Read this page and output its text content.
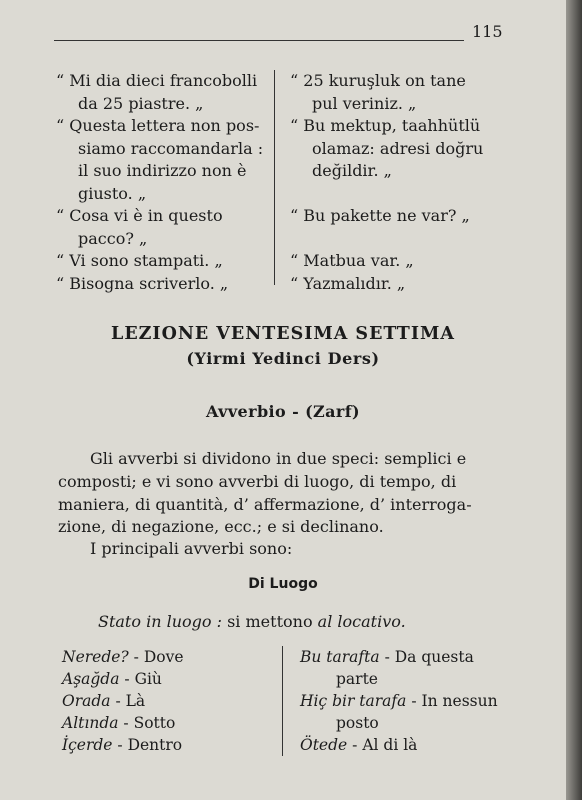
115

“ Mi dia dieci francobolli

da 25 piastre. „

“ Questa lettera non pos-

siamo raccomandarla :

il suo indirizzo non è

giusto. „

“ Cosa vi è in questo

pacco? „

“ Vi sono stampati. „

“ Bisogna scriverlo. „

“ 25 kuruşluk on tane

pul veriniz. „

“ Bu mektup, taahhütlü

olamaz: adresi doğru

değildir. „

“ Bu pakette ne var? „

“ Matbua var. „

“ Yazmalıdır. „

LEZIONE VENTESIMA SETTIMA
(Yirmi Yedinci Ders)
Avverbio - (Zarf)
Gli avverbi si dividono in due speci: semplici e
composti; e vi sono avverbi di luogo, di tempo, di
maniera, di quantità, d’ affermazione, d’ interroga-
zione, di negazione, ecc.; e si declinano.
I principali avverbi sono:
Di Luogo
Stato in luogo : si mettono al locativo.

Nerede? - Dove

Aşağda - Giù

Orada - Là

Altında - Sotto

İçerde - Dentro

Bu tarafta - Da questa

parte

Hiç bir tarafa - In nessun

posto

Ötede - Al di là
